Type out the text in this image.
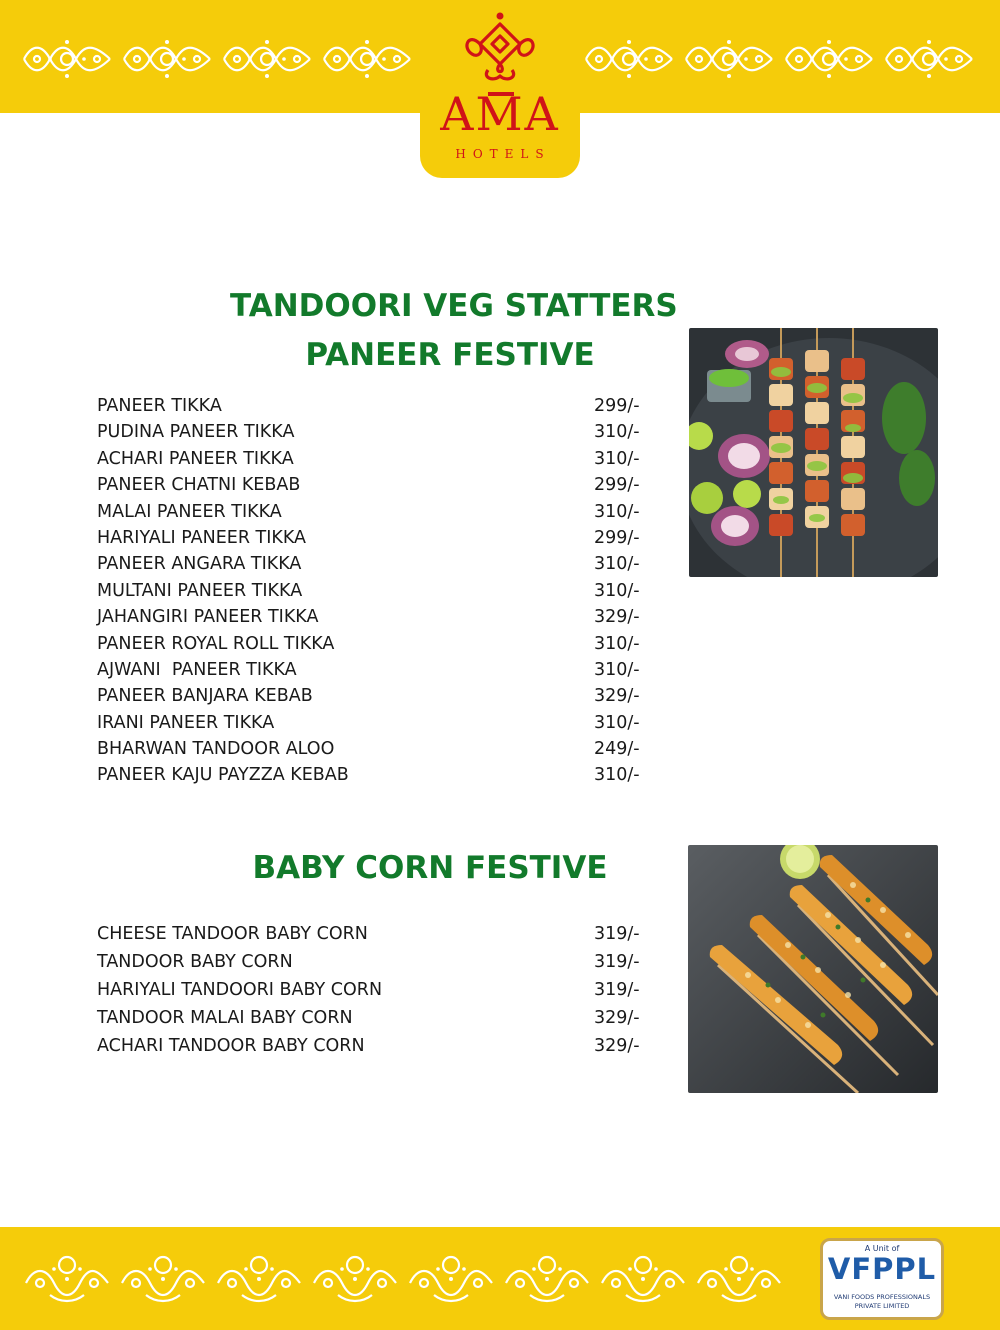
AMA
HOTELS
TANDOORI VEG STATTERS
PANEER FESTIVE
PANEER TIKKA	299/-
PUDINA PANEER TIKKA	310/-
ACHARI PANEER TIKKA	310/-
PANEER CHATNI KEBAB	299/-
MALAI PANEER TIKKA	310/-
HARIYALI PANEER TIKKA	299/-
PANEER ANGARA TIKKA	310/-
MULTANI PANEER TIKKA	310/-
JAHANGIRI PANEER TIKKA	329/-
PANEER ROYAL ROLL TIKKA	310/-
AJWANI  PANEER TIKKA	310/-
PANEER BANJARA KEBAB	329/-
IRANI PANEER TIKKA	310/-
BHARWAN TANDOOR ALOO	249/-
PANEER KAJU PAYZZA KEBAB	310/-
BABY CORN FESTIVE
CHEESE TANDOOR BABY CORN	319/-
TANDOOR BABY CORN	319/-
HARIYALI TANDOORI BABY CORN	319/-
TANDOOR MALAI BABY CORN	329/-
ACHARI TANDOOR BABY CORN	329/-
A Unit of
VFPPL
VANI FOODS PROFESSIONALS
PRIVATE LIMITED
